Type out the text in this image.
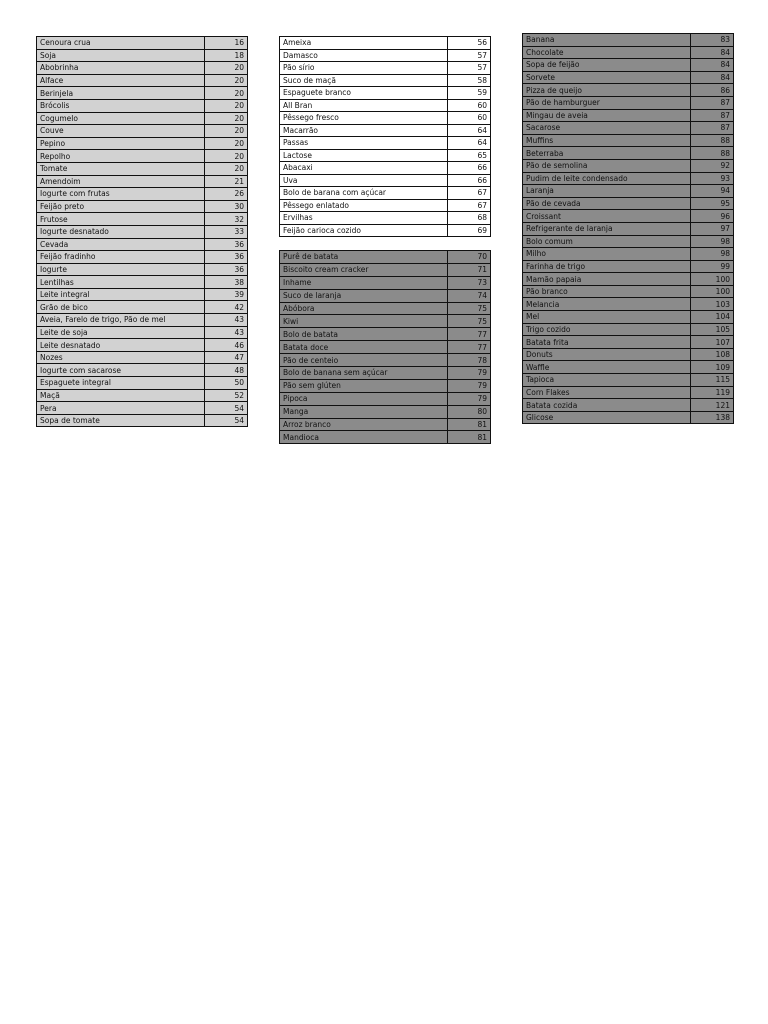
Cenoura crua	16
Soja	18
Abobrinha	20
Alface	20
Berinjela	20
Brócolis	20
Cogumelo	20
Couve	20
Pepino	20
Repolho	20
Tomate	20
Amendoim	21
Iogurte com frutas	26
Feijão preto	30
Frutose	32
Iogurte desnatado	33
Cevada	36
Feijão fradinho	36
Iogurte	36
Lentilhas	38
Leite integral	39
Grão de bico	42
Aveia, Farelo de trigo, Pão de mel	43
Leite de soja	43
Leite desnatado	46
Nozes	47
Iogurte com sacarose	48
Espaguete integral	50
Maçã	52
Pera	54
Sopa de tomate	54
Ameixa	56
Damasco	57
Pão sírio	57
Suco de maçã	58
Espaguete branco	59
All Bran	60
Pêssego fresco	60
Macarrão	64
Passas	64
Lactose	65
Abacaxi	66
Uva	66
Bolo de barana com açúcar	67
Pêssego enlatado	67
Ervilhas	68
Feijão carioca cozido	69
Purê de batata	70
Biscoito cream cracker	71
Inhame	73
Suco de laranja	74
Abóbora	75
Kiwi	75
Bolo de batata	77
Batata doce	77
Pão de centeio	78
Bolo de banana sem açúcar	79
Pão sem glúten	79
Pipoca	79
Manga	80
Arroz branco	81
Mandioca	81
Banana	83
Chocolate	84
Sopa de feijão	84
Sorvete	84
Pizza de queijo	86
Pão de hamburguer	87
Mingau de aveia	87
Sacarose	87
Muffins	88
Beterraba	88
Pão de semolina	92
Pudim de leite condensado	93
Laranja	94
Pão de cevada	95
Croissant	96
Refrigerante de laranja	97
Bolo comum	98
Milho	98
Farinha de trigo	99
Mamão papaia	100
Pão branco	100
Melancia	103
Mel	104
Trigo cozido	105
Batata frita	107
Donuts	108
Waffle	109
Tapioca	115
Corn Flakes	119
Batata cozida	121
Glicose	138
